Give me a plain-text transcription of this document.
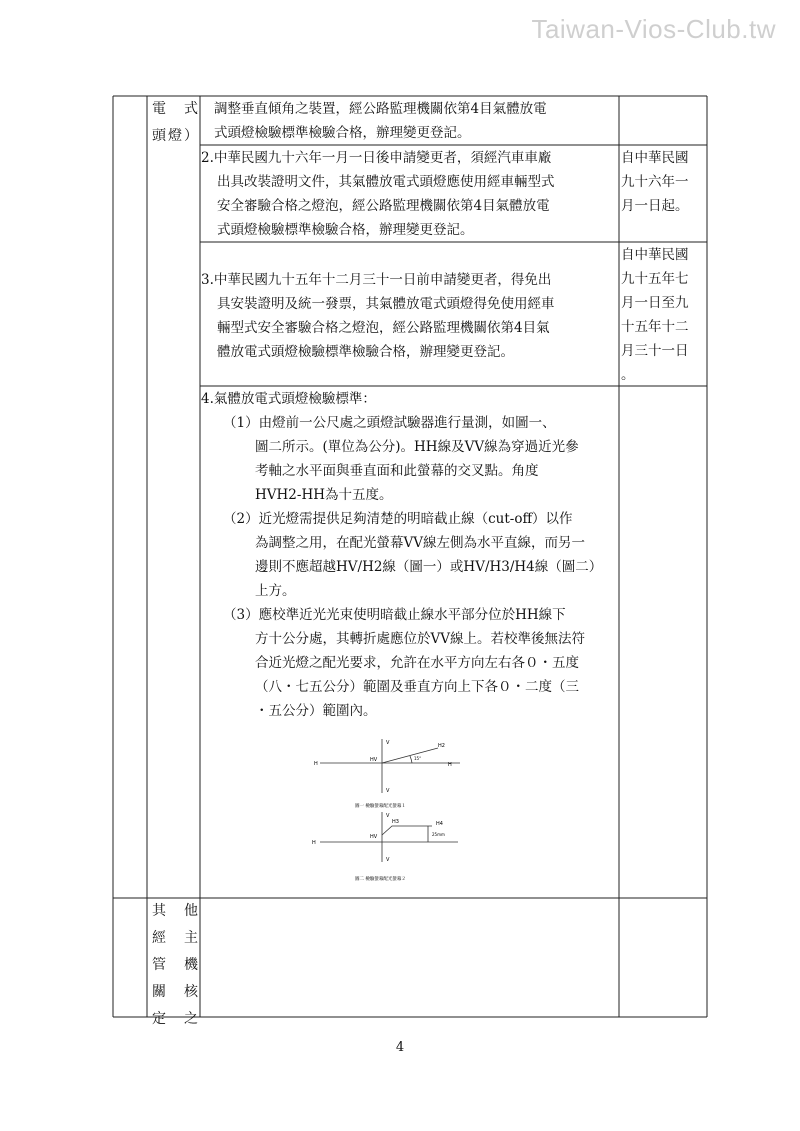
Taiwan-Vios-Club.tw
電　式
頭燈）
調整垂直傾角之裝置，經公路監理機關依第4目氣體放電
式頭燈檢驗標準檢驗合格，辦理變更登記。
2.中華民國九十六年一月一日後申請變更者，須經汽車車廠
出具改裝證明文件，其氣體放電式頭燈應使用經車輛型式
安全審驗合格之燈泡，經公路監理機關依第4目氣體放電
式頭燈檢驗標準檢驗合格，辦理變更登記。
自中華民國
九十六年一
月一日起。
3.中華民國九十五年十二月三十一日前申請變更者，得免出
具安裝證明及統一發票，其氣體放電式頭燈得免使用經車
輛型式安全審驗合格之燈泡，經公路監理機關依第4目氣
體放電式頭燈檢驗標準檢驗合格，辦理變更登記。
自中華民國
九十五年七
月一日至九
十五年十二
月三十一日
。
4.氣體放電式頭燈檢驗標準：
（1）由燈前一公尺處之頭燈試驗器進行量測，如圖一、
圖二所示。(單位為公分)。HH線及VV線為穿過近光參
考軸之水平面與垂直面和此螢幕的交叉點。角度
HVH2-HH為十五度。
（2）近光燈需提供足夠清楚的明暗截止線（cut-off）以作
為調整之用，在配光螢幕VV線左側為水平直線，而另一
邊則不應超越HV/H2線（圖一）或HV/H3/H4線（圖二）
上方。
（3）應校準近光光束使明暗截止線水平部分位於HH線下
方十公分處，其轉折處應位於VV線上。若校準後無法符
合近光燈之配光要求，允許在水平方向左右各０・五度
（八・七五公分）範圍及垂直方向上下各０・二度（三
・五公分）範圍內。
V
V
H	H
HV
H2
15°
圖一 檢驗螢幕配光螢幕１
V
V
H
HV
H3	H4
25mm
圖二 檢驗螢幕配光螢幕２
其　他
經　主
管　機
關　核
定　之
4
